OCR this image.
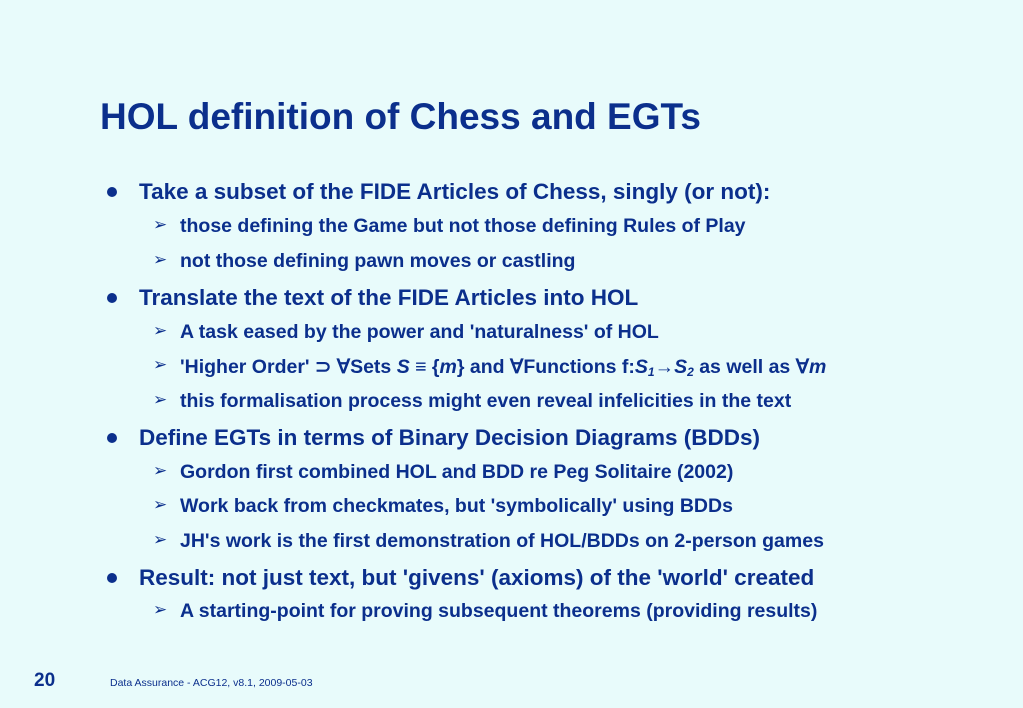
HOL definition of Chess and EGTs
Take a subset of the FIDE Articles of Chess, singly (or not):
➢ those defining the Game but not those defining Rules of Play
➢ not those defining pawn moves or castling
Translate the text of the FIDE Articles into HOL
➢ A task eased by the power and 'naturalness' of HOL
➢ 'Higher Order' ⊃ ∀Sets S ≡ {m} and ∀Functions $f:S_1\to S_2$ as well as ∀m
➢ this formalisation process might even reveal infelicities in the text
Define EGTs in terms of Binary Decision Diagrams (BDDs)
➢ Gordon first combined HOL and BDD re Peg Solitaire (2002)
➢ Work back from checkmates, but 'symbolically' using BDDs
➢ JH's work is the first demonstration of HOL/BDDs on 2-person games
Result: not just text, but 'givens' (axioms) of the 'world' created
➢ A starting-point for proving subsequent theorems (providing results)
20	Data Assurance - ACG12, v8.1, 2009-05-03
